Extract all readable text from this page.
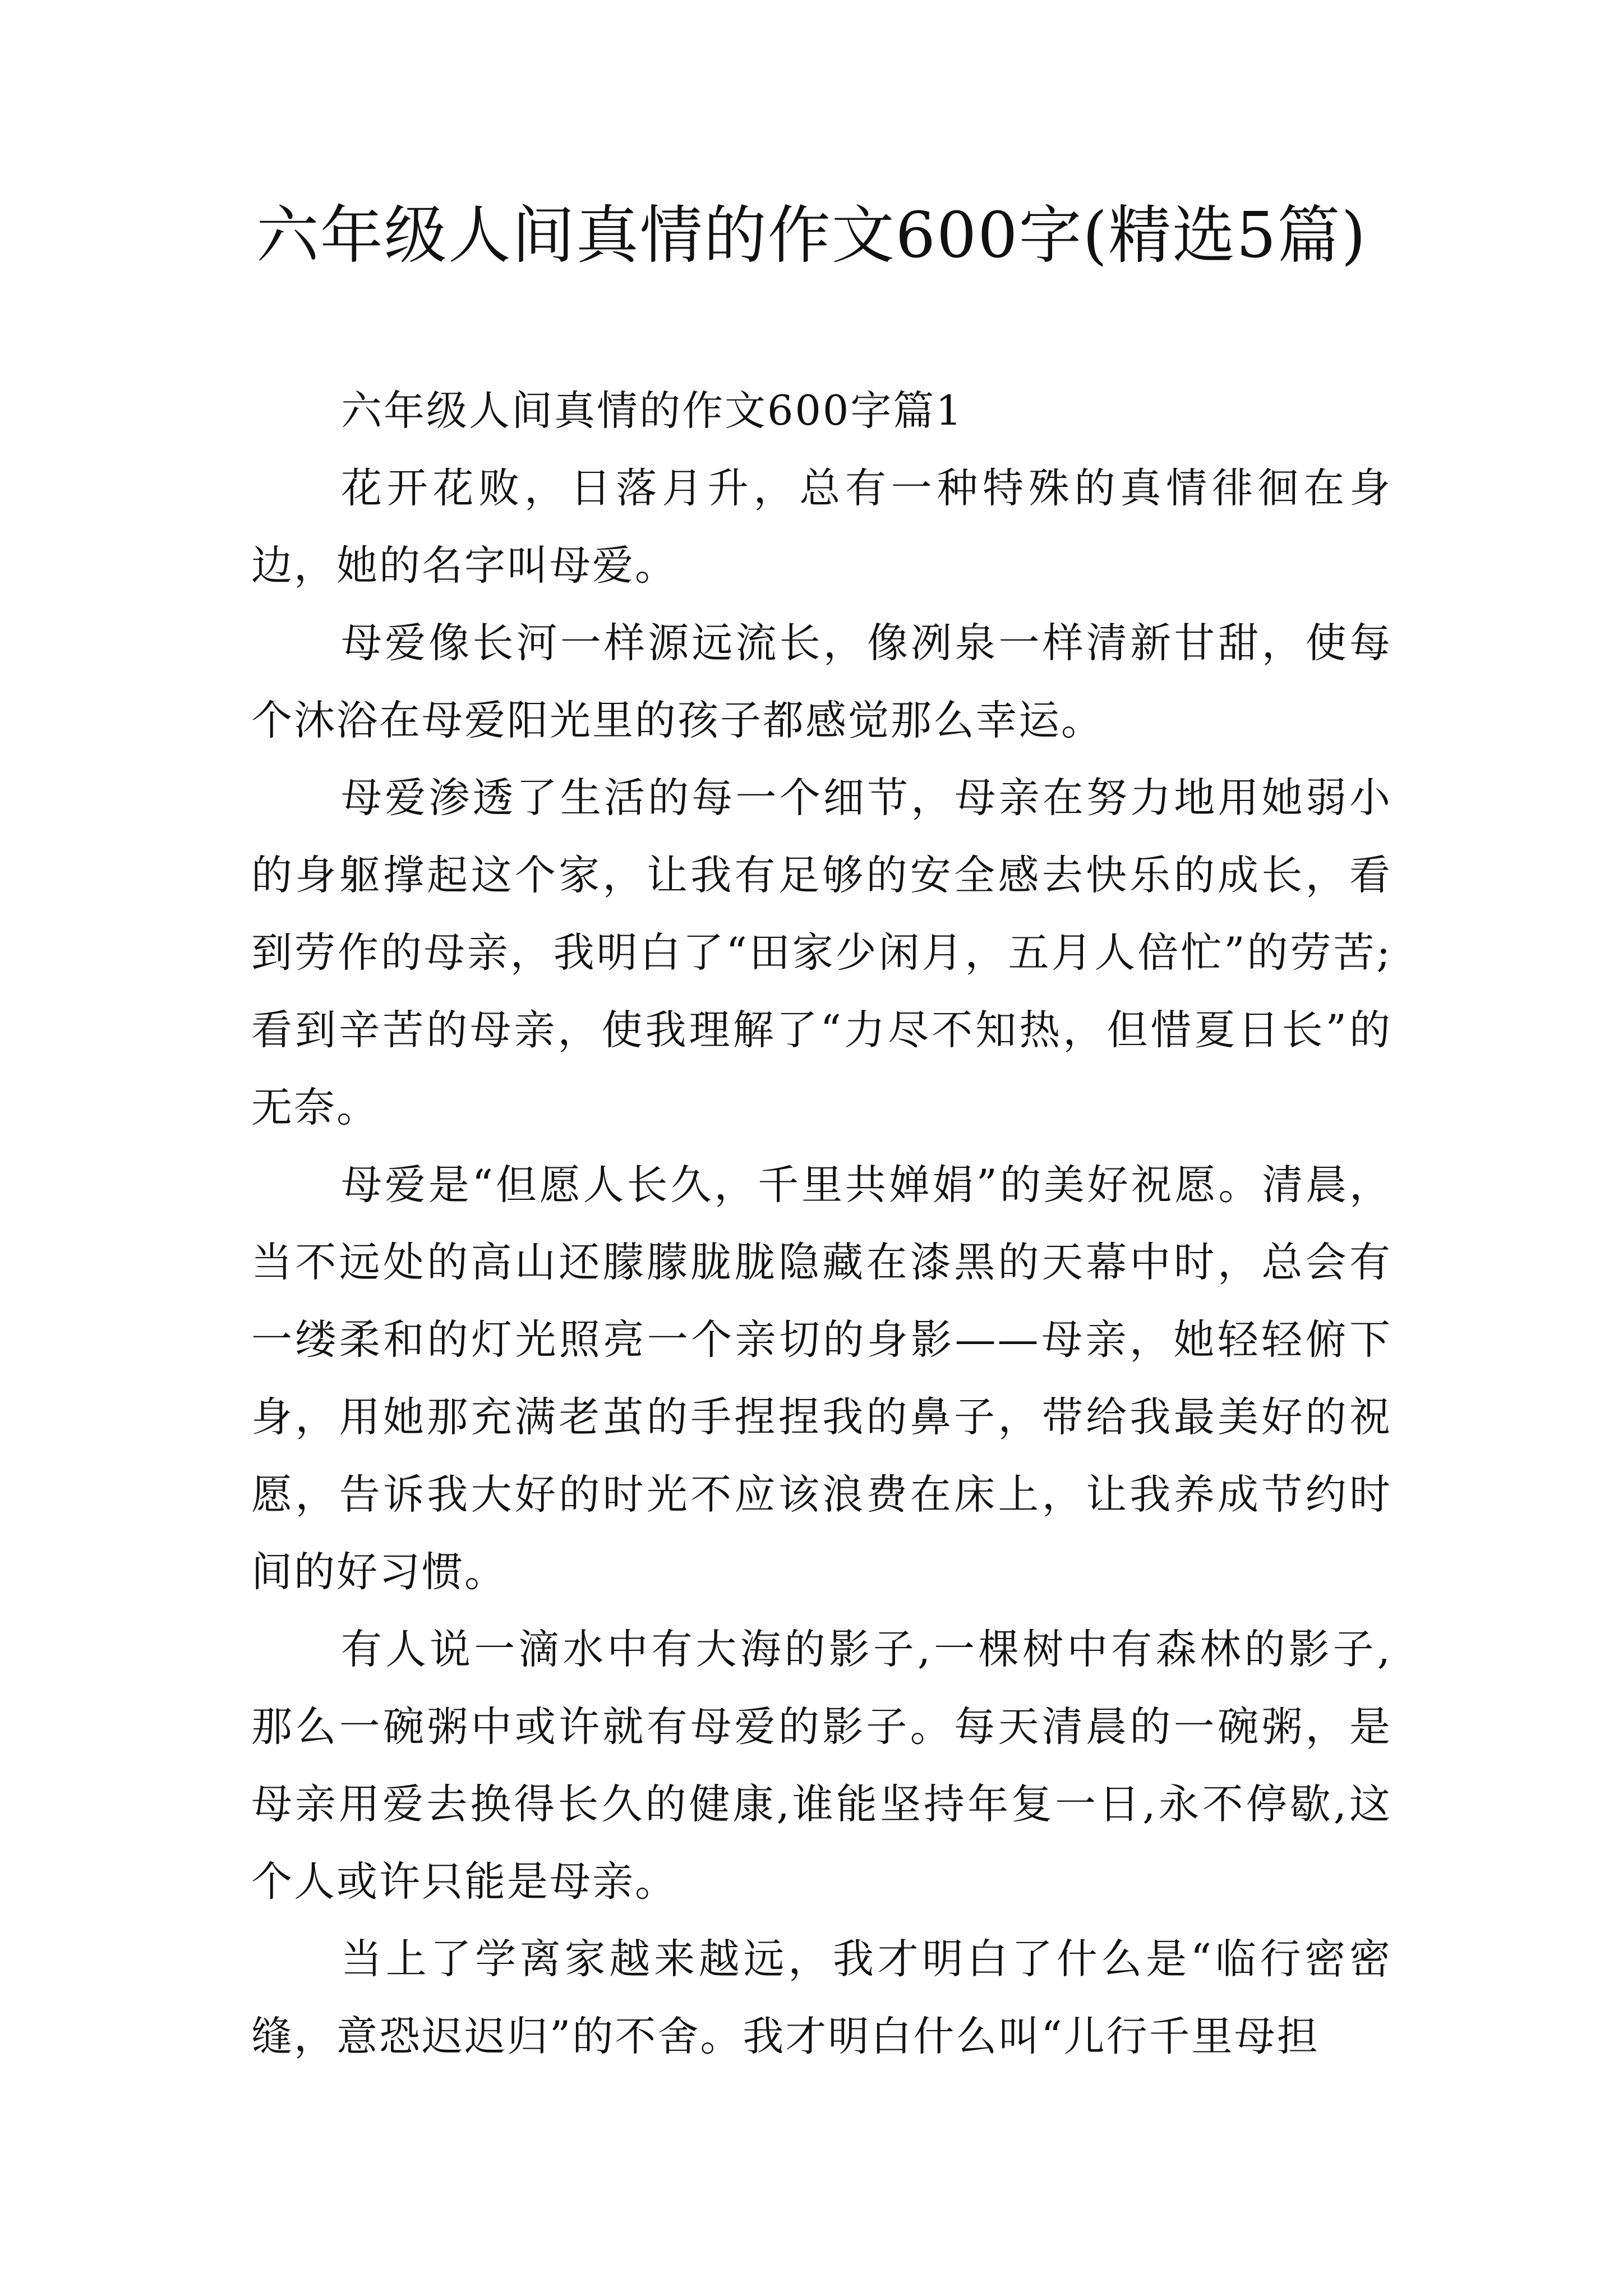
六年级人间真情的作文600字(精选5篇)

六年级人间真情的作文600字篇1

花开花败，日落月升，总有一种特殊的真情徘徊在身边，她的名字叫母爱。

母爱像长河一样源远流长，像冽泉一样清新甘甜，使每个沐浴在母爱阳光里的孩子都感觉那么幸运。

母爱渗透了生活的每一个细节，母亲在努力地用她弱小的身躯撑起这个家，让我有足够的安全感去快乐的成长，看到劳作的母亲，我明白了“田家少闲月，五月人倍忙”的劳苦;看到辛苦的母亲，使我理解了“力尽不知热，但惜夏日长”的无奈。

母爱是“但愿人长久，千里共婵娟”的美好祝愿。清晨，当不远处的高山还朦朦胧胧隐藏在漆黑的天幕中时，总会有一缕柔和的灯光照亮一个亲切的身影——母亲，她轻轻俯下身，用她那充满老茧的手捏捏我的鼻子，带给我最美好的祝愿，告诉我大好的时光不应该浪费在床上，让我养成节约时间的好习惯。

有人说一滴水中有大海的影子,一棵树中有森林的影子,那么一碗粥中或许就有母爱的影子。每天清晨的一碗粥，是母亲用爱去换得长久的健康,谁能坚持年复一日,永不停歇,这个人或许只能是母亲。

当上了学离家越来越远，我才明白了什么是“临行密密缝，意恐迟迟归”的不舍。我才明白什么叫“儿行千里母担
